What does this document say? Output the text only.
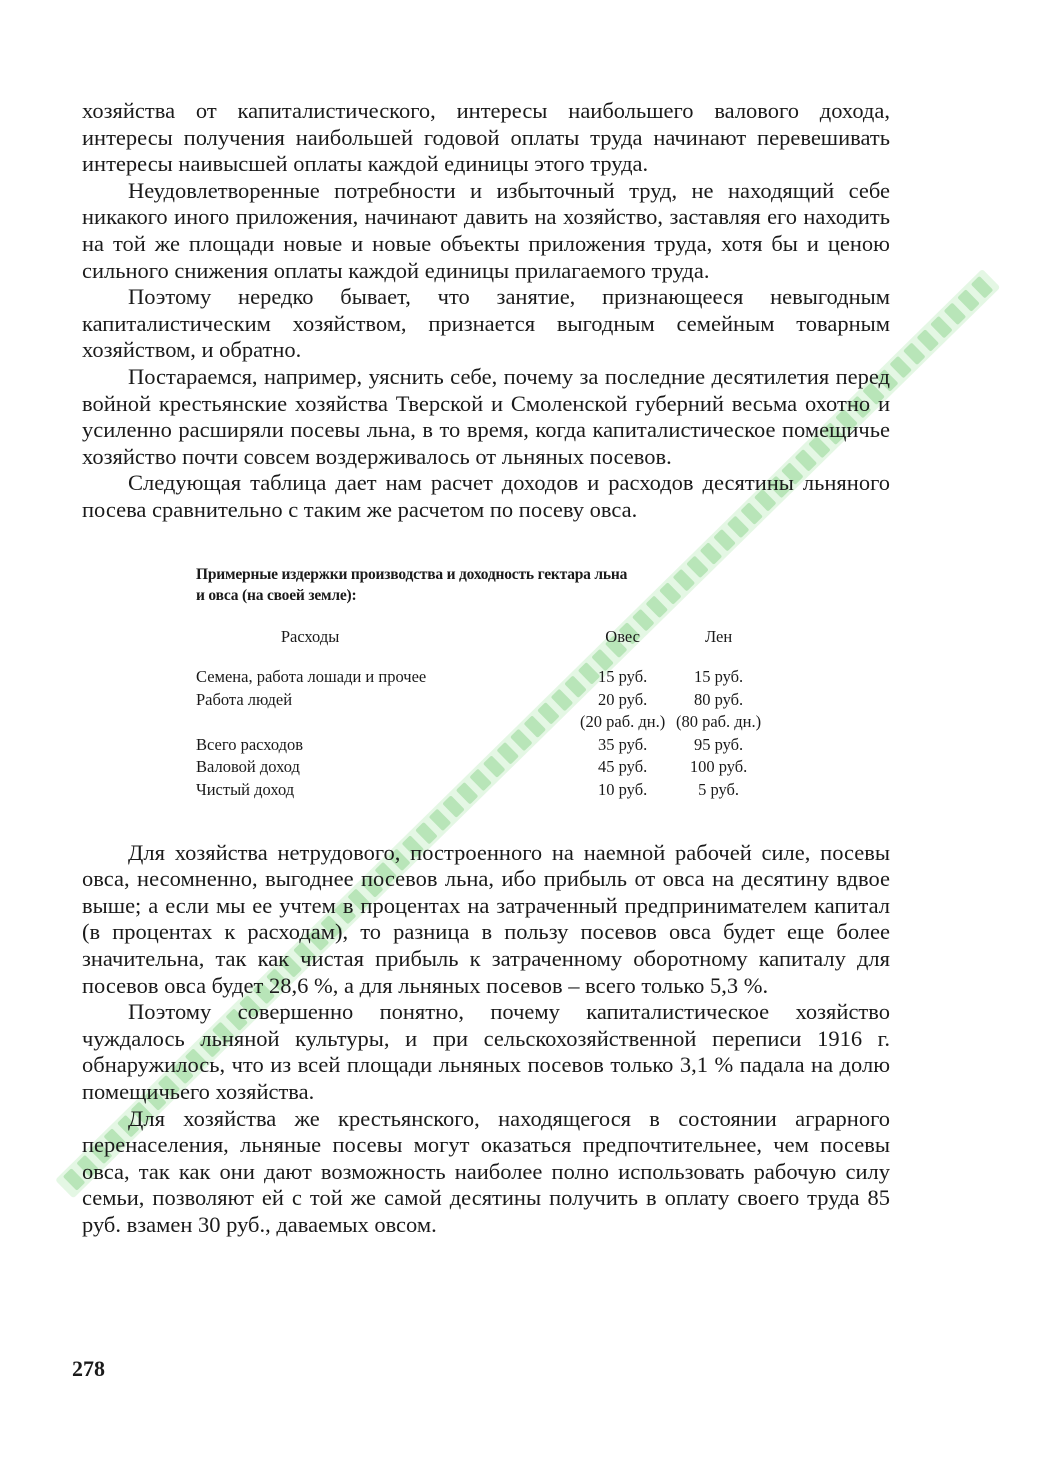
хозяйства от капиталистического, интересы наибольшего валового дохода, интересы получения наибольшей годовой оплаты труда начинают перевешивать интересы наивысшей оплаты каждой единицы этого труда.

Неудовлетворенные потребности и избыточный труд, не находящий себе никакого иного приложения, начинают давить на хозяйство, заставляя его находить на той же площади новые и новые объекты приложения труда, хотя бы и ценою сильного снижения оплаты каждой единицы прилагаемого труда.

Поэтому нередко бывает, что занятие, признающееся невыгодным капиталистическим хозяйством, признается выгодным семейным товарным хозяйством, и обратно.

Постараемся, например, уяснить себе, почему за последние десятилетия перед войной крестьянские хозяйства Тверской и Смоленской губерний весьма охотно и усиленно расширяли посевы льна, в то время, когда капиталистическое помещичье хозяйство почти совсем воздерживалось от льняных посевов.

Следующая таблица дает нам расчет доходов и расходов десятины льняного посева сравнительно с таким же расчетом по посеву овса.

Примерные издержки производства и доходность гектара льна
и овса (на своей земле):
Расходы	Овес	Лен
Семена, работа лошади и прочее	15 руб.	15 руб.
Работа людей	20 руб.	80 руб.
	(20 раб. дн.)	(80 раб. дн.)
Всего расходов	35 руб.	95 руб.
Валовой доход	45 руб.	100 руб.
Чистый доход	10 руб.	5 руб.

Для хозяйства нетрудового, построенного на наемной рабочей силе, посевы овса, несомненно, выгоднее посевов льна, ибо прибыль от овса на десятину вдвое выше; а если мы ее учтем в процентах на затраченный предпринимателем капитал (в процентах к расходам), то разница в пользу посевов овса будет еще более значительна, так как чистая прибыль к затраченному оборотному капиталу для посевов овса будет 28,6 %, а для льняных посевов – всего только 5,3 %.

Поэтому совершенно понятно, почему капиталистическое хозяйство чуждалось льняной культуры, и при сельскохозяйственной переписи 1916 г. обнаружилось, что из всей площади льняных посевов только 3,1 % падала на долю помещичьего хозяйства.

Для хозяйства же крестьянского, находящегося в состоянии аграрного перенаселения, льняные посевы могут оказаться предпочтительнее, чем посевы овса, так как они дают возможность наиболее полно использовать рабочую силу семьи, позволяют ей с той же самой десятины получить в оплату своего труда 85 руб. взамен 30 руб., даваемых овсом.

278
